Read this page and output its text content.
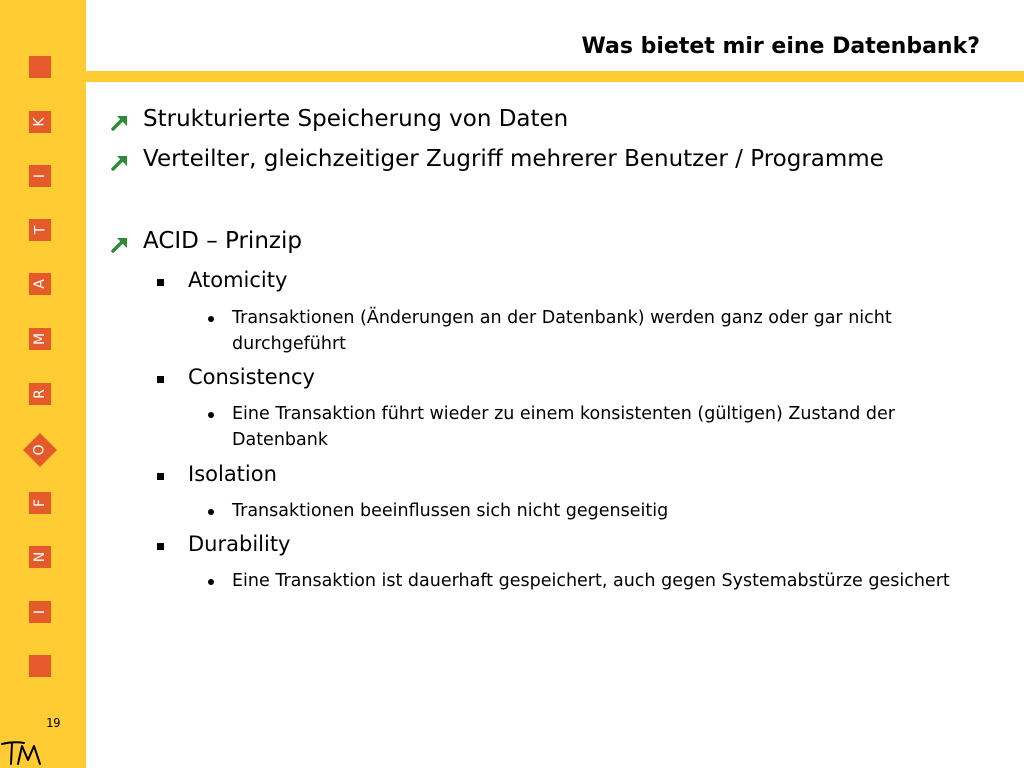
K
I
T
A
M
R
O
F
N
I
19
Was bietet mir eine Datenbank?
Strukturierte Speicherung von Daten
Verteilter, gleichzeitiger Zugriff mehrerer Benutzer / Programme
ACID – Prinzip
Atomicity
Transaktionen (Änderungen an der Datenbank) werden ganz oder gar nicht durchgeführt
Consistency
Eine Transaktion führt wieder zu einem konsistenten (gültigen) Zustand der Datenbank
Isolation
Transaktionen beeinflussen sich nicht gegenseitig
Durability
Eine Transaktion ist dauerhaft gespeichert, auch gegen Systemabstürze gesichert
